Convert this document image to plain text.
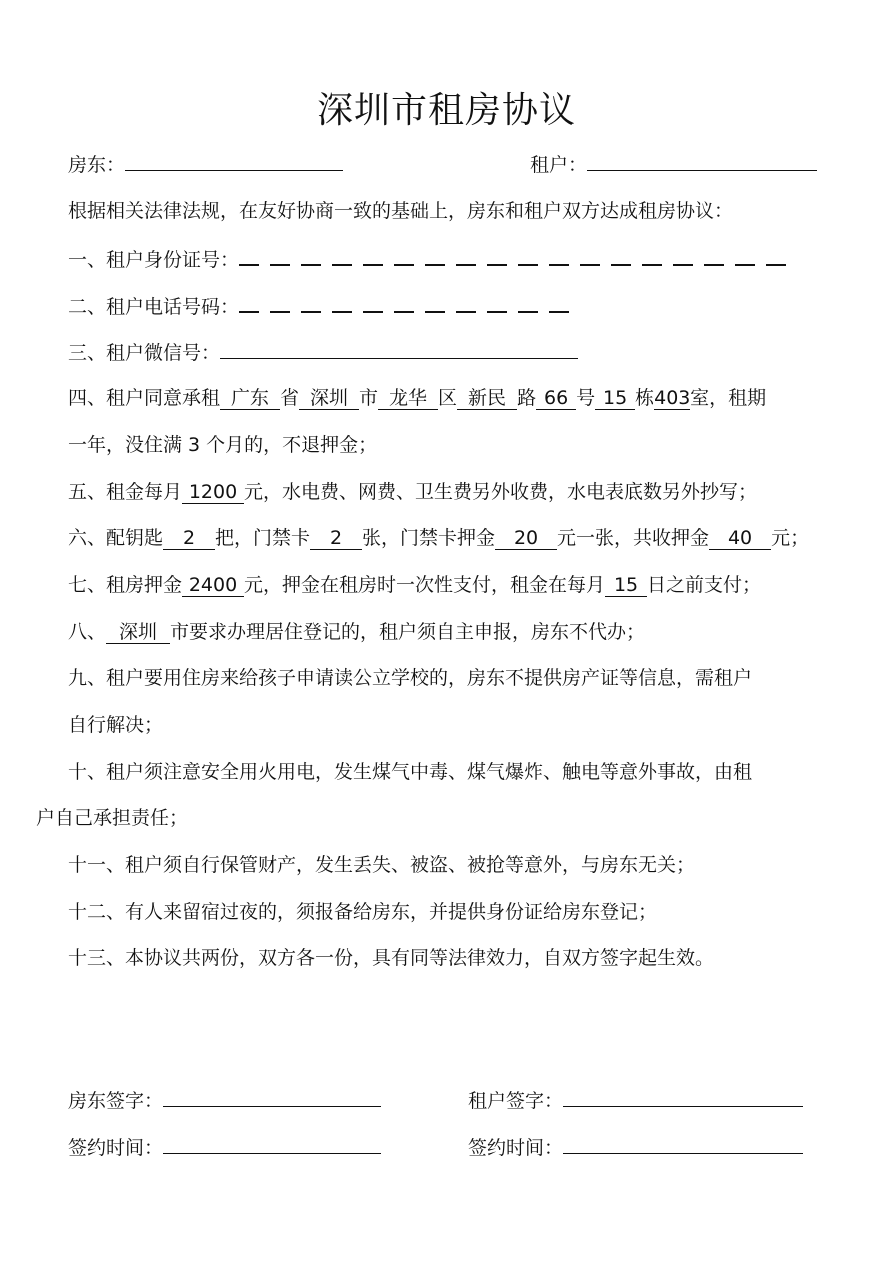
深圳市租房协议
房东：	租户：
根据相关法律法规，在友好协商一致的基础上，房东和租户双方达成租房协议：
一、租户身份证号：
二、租户电话号码：
三、租户微信号：
四、租户同意承租 广东 省 深圳 市 龙华 区 新民 路 66 号 15 栋403室，租期
一年，没住满 3 个月的，不退押金；
五、租金每月 1200 元，水电费、网费、卫生费另外收费，水电表底数另外抄写；
六、配钥匙 2 把，门禁卡 2 张，门禁卡押金 20 元一张，共收押金 40 元；
七、租房押金 2400 元，押金在租房时一次性支付，租金在每月 15 日之前支付；
八、 深圳 市要求办理居住登记的，租户须自主申报，房东不代办；
九、租户要用住房来给孩子申请读公立学校的，房东不提供房产证等信息，需租户
自行解决；
十、租户须注意安全用火用电，发生煤气中毒、煤气爆炸、触电等意外事故，由租
户自己承担责任；
十一、租户须自行保管财产，发生丢失、被盗、被抢等意外，与房东无关；
十二、有人来留宿过夜的，须报备给房东，并提供身份证给房东登记；
十三、本协议共两份，双方各一份，具有同等法律效力，自双方签字起生效。
房东签字：	租户签字：
签约时间：	签约时间：
